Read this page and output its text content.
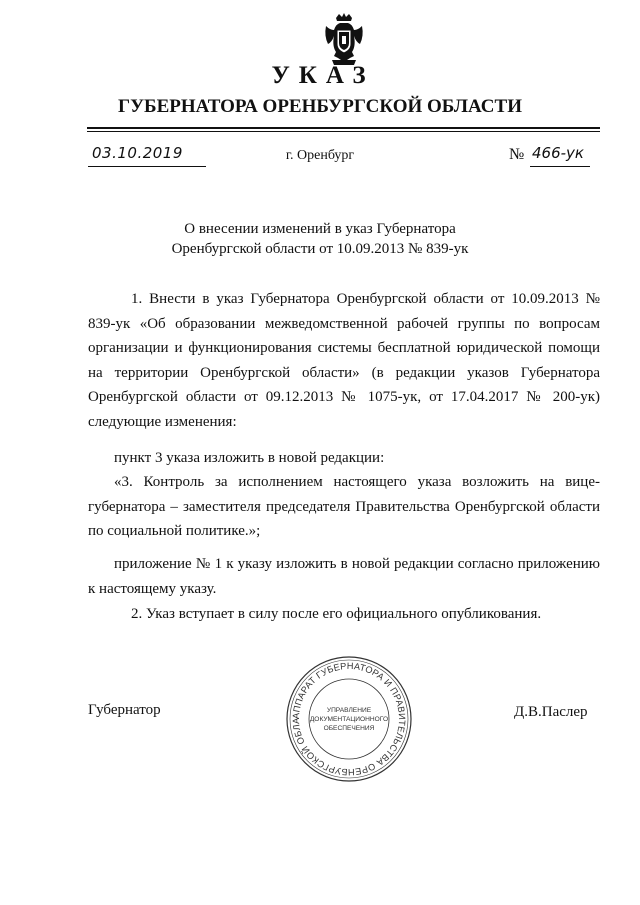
УКАЗ
ГУБЕРНАТОРА ОРЕНБУРГСКОЙ ОБЛАСТИ
03.10.2019	г. Оренбург	№ 466-ук
О внесении изменений в указ Губернатора
Оренбургской области от 10.09.2013 № 839-ук
1. Внести в указ Губернатора Оренбургской области от 10.09.2013 № 839-ук «Об образовании межведомственной рабочей группы по вопросам организации и функционирования системы бесплатной юридической помощи на территории Оренбургской области» (в редакции указов Губернатора Оренбургской области от 09.12.2013 № 1075-ук, от 17.04.2017 № 200-ук) следующие изменения:
пункт 3 указа изложить в новой редакции:
«3. Контроль за исполнением настоящего указа возложить на вице-губернатора – заместителя председателя Правительства Оренбургской области по социальной политике.»;
приложение № 1 к указу изложить в новой редакции согласно приложению к настоящему указу.
2. Указ вступает в силу после его официального опубликования.
Губернатор	Д.В.Паслер
АППАРАТ ГУБЕРНАТОРА И ПРАВИТЕЛЬСТВА ОРЕНБУРГСКОЙ ОБЛА
УПРАВЛЕНИЕ
ДОКУМЕНТАЦИОННОГО
ОБЕСПЕЧЕНИЯ
